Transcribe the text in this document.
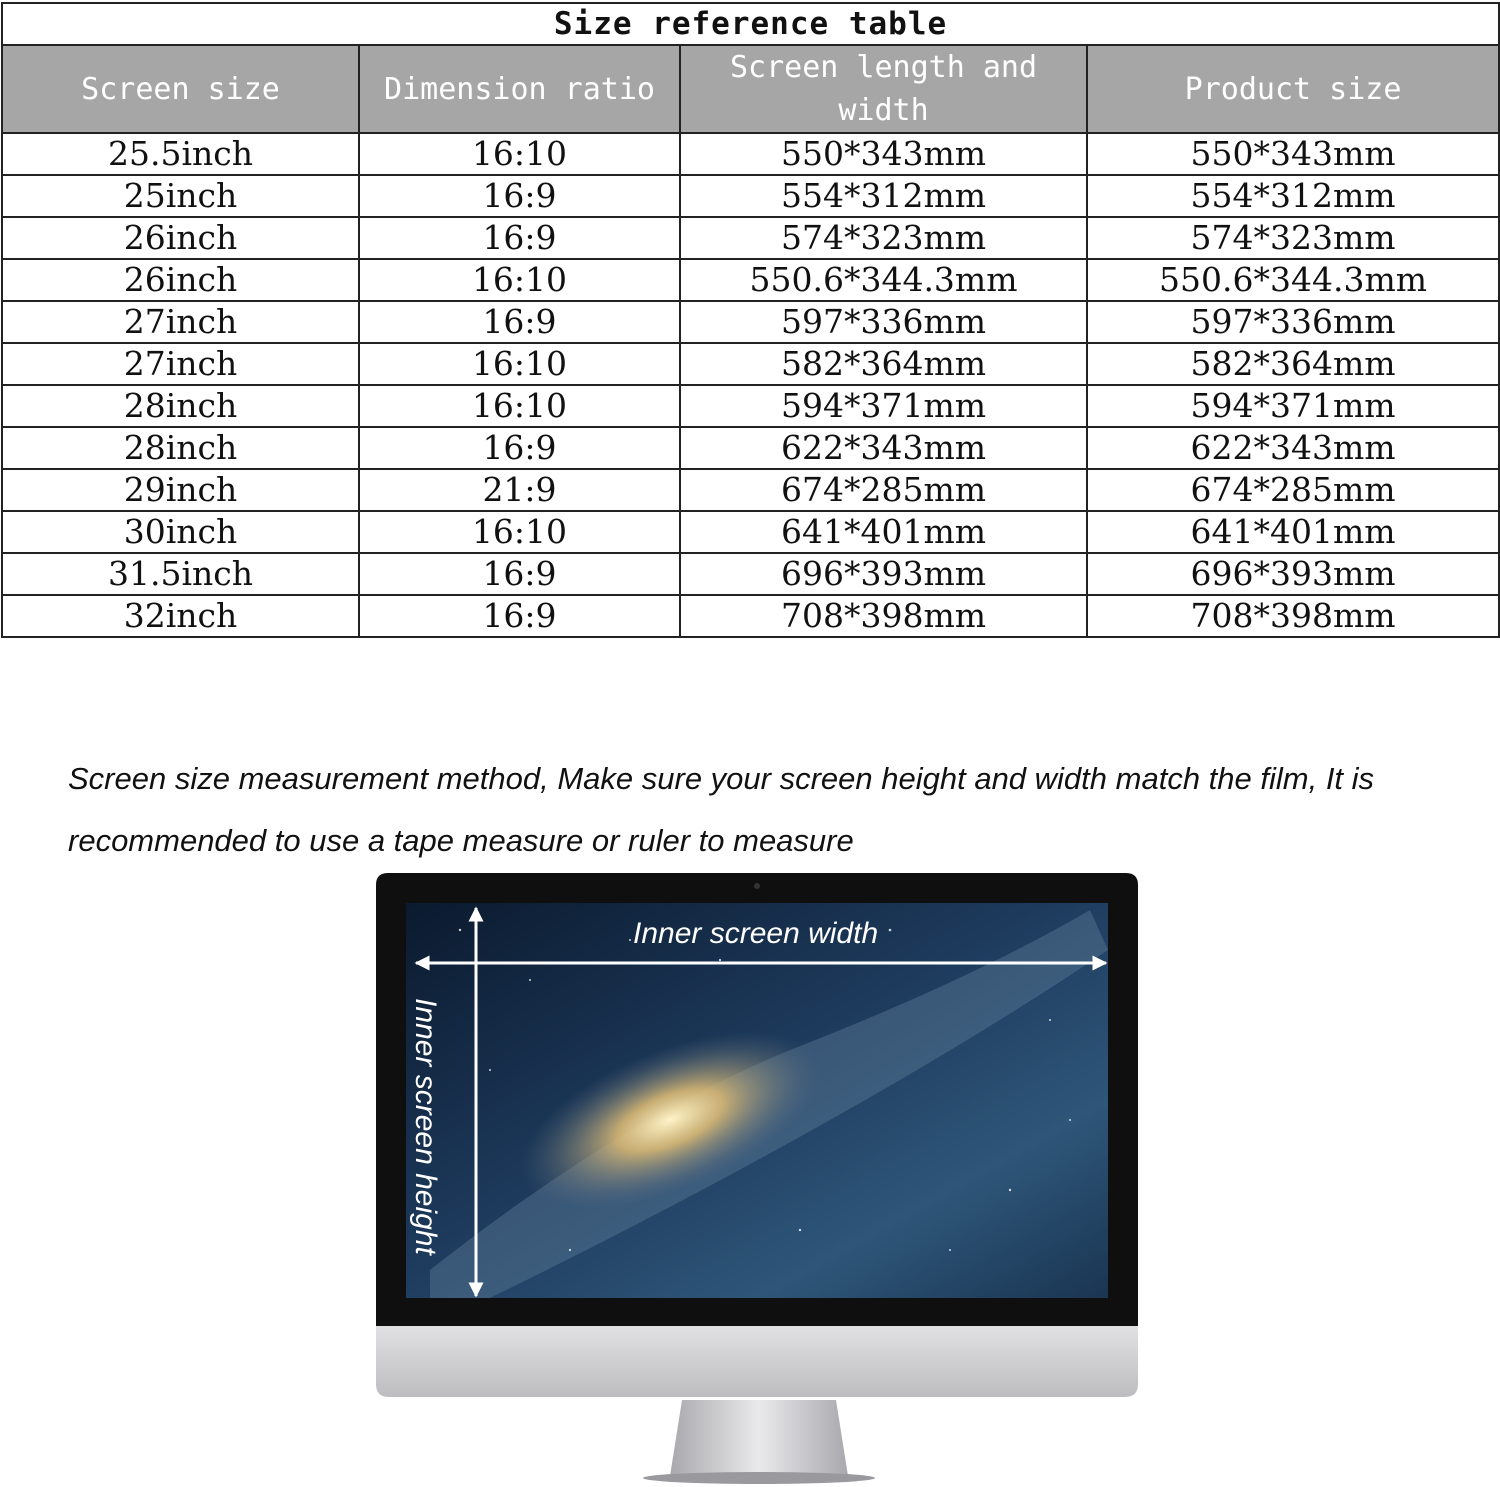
Size reference table			
Screen size	Dimension ratio	Screen length and width	Product size
25.5inch	16:10	550*343mm	550*343mm
25inch	16:9	554*312mm	554*312mm
26inch	16:9	574*323mm	574*323mm
26inch	16:10	550.6*344.3mm	550.6*344.3mm
27inch	16:9	597*336mm	597*336mm
27inch	16:10	582*364mm	582*364mm
28inch	16:10	594*371mm	594*371mm
28inch	16:9	622*343mm	622*343mm
29inch	21:9	674*285mm	674*285mm
30inch	16:10	641*401mm	641*401mm
31.5inch	16:9	696*393mm	696*393mm
32inch	16:9	708*398mm	708*398mm
Screen size measurement method, Make sure your screen height and width match the film, It is recommended to use a tape measure or ruler to measure
Inner screen width
Inner screen height
